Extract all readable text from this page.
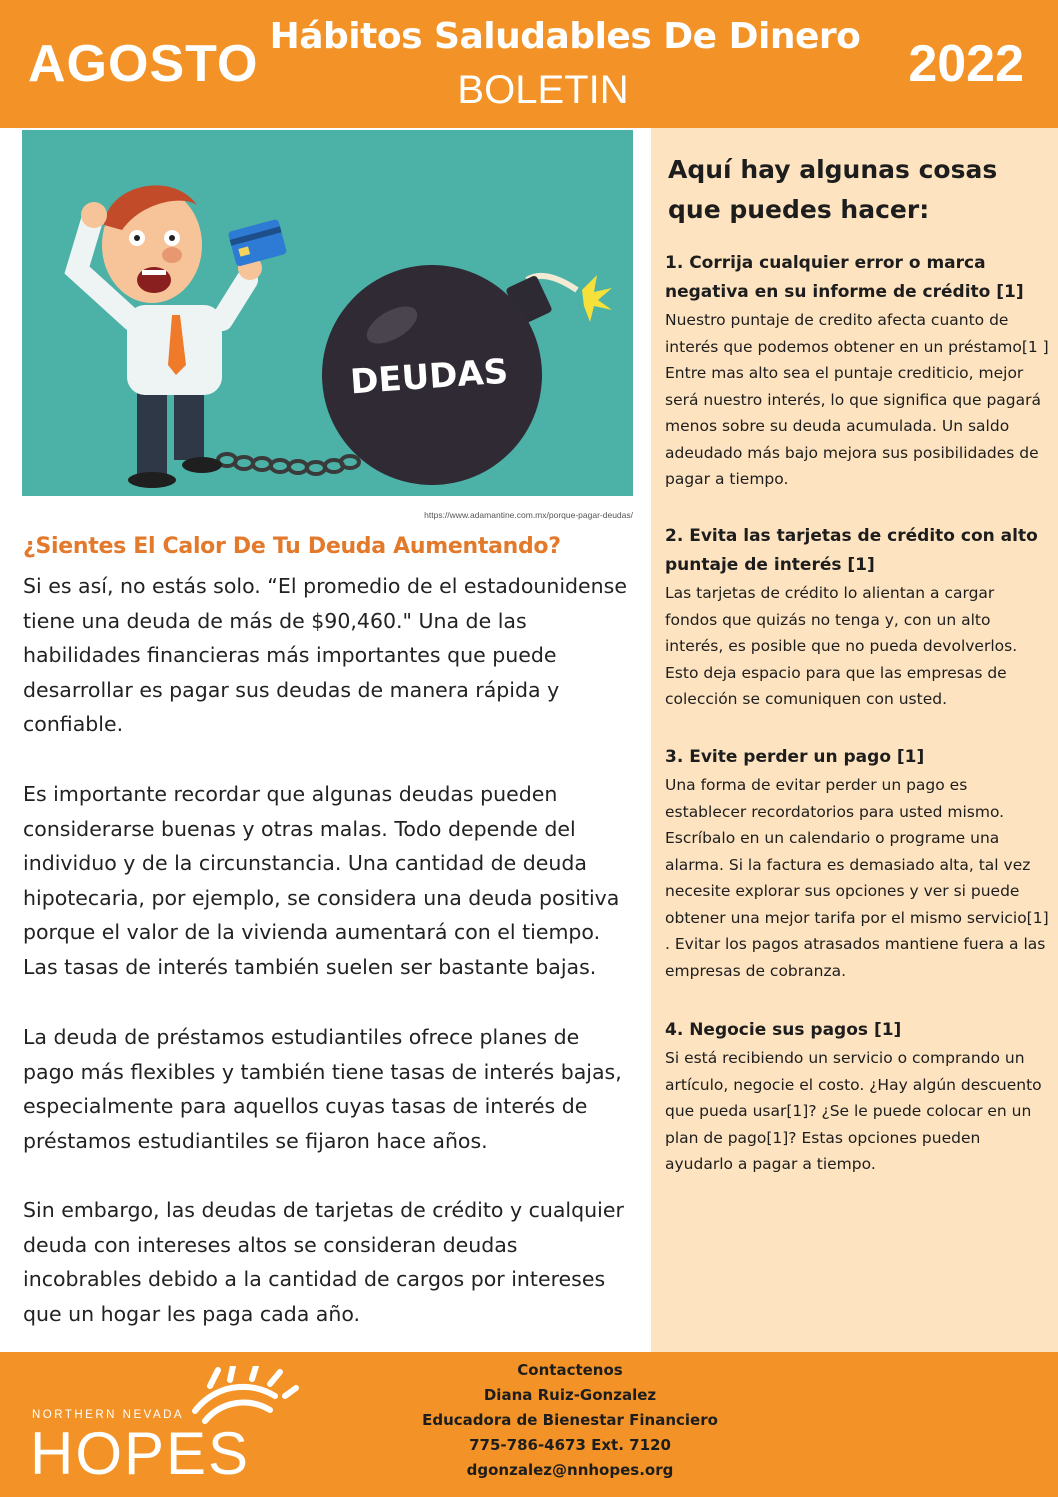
AGOSTO Hábitos Saludables De Dinero
BOLETIN	2022
DEUDAS
https://www.adamantine.com.mx/porque-pagar-deudas/
¿Sientes El Calor De Tu Deuda Aumentando?
Si es así, no estás solo. “El promedio de el estadounidense tiene una deuda de más de $90,460." Una de las habilidades financieras más importantes que puede desarrollar es pagar sus deudas de manera rápida y confiable.
Es importante recordar que algunas deudas pueden considerarse buenas y otras malas. Todo depende del individuo y de la circunstancia. Una cantidad de deuda hipotecaria, por ejemplo, se considera una deuda positiva porque el valor de la vivienda aumentará con el tiempo. Las tasas de interés también suelen ser bastante bajas.
La deuda de préstamos estudiantiles ofrece planes de pago más flexibles y también tiene tasas de interés bajas, especialmente para aquellos cuyas tasas de interés de préstamos estudiantiles se fijaron hace años.
Sin embargo, las deudas de tarjetas de crédito y cualquier deuda con intereses altos se consideran deudas incobrables debido a la cantidad de cargos por intereses que un hogar les paga cada año.
Aquí hay algunas cosas que puedes hacer:
1. Corrija cualquier error o marca negativa en su informe de crédito [1]
Nuestro puntaje de credito afecta cuanto de interés que podemos obtener en un préstamo[1 ] Entre mas alto sea el puntaje crediticio, mejor será nuestro interés, lo que significa que pagará menos sobre su deuda acumulada. Un saldo adeudado más bajo mejora sus posibilidades de pagar a tiempo.
2. Evita las tarjetas de crédito con alto puntaje de interés [1]
Las tarjetas de crédito lo alientan a cargar fondos que quizás no tenga y, con un alto interés, es posible que no pueda devolverlos. Esto deja espacio para que las empresas de colección se comuniquen con usted.
3. Evite perder un pago [1]
Una forma de evitar perder un pago es establecer recordatorios para usted mismo. Escríbalo en un calendario o programe una alarma. Si la factura es demasiado alta, tal vez necesite explorar sus opciones y ver si puede obtener una mejor tarifa por el mismo servicio[1] . Evitar los pagos atrasados mantiene fuera a las empresas de cobranza.
4. Negocie sus pagos [1]
Si está recibiendo un servicio o comprando un artículo, negocie el costo. ¿Hay algún descuento que pueda usar[1]? ¿Se le puede colocar en un plan de pago[1]? Estas opciones pueden ayudarlo a pagar a tiempo.
NORTHERN NEVADA
HOPES
Contactenos
Diana Ruiz-Gonzalez
Educadora de Bienestar Financiero
775-786-4673 Ext. 7120
dgonzalez@nnhopes.org
